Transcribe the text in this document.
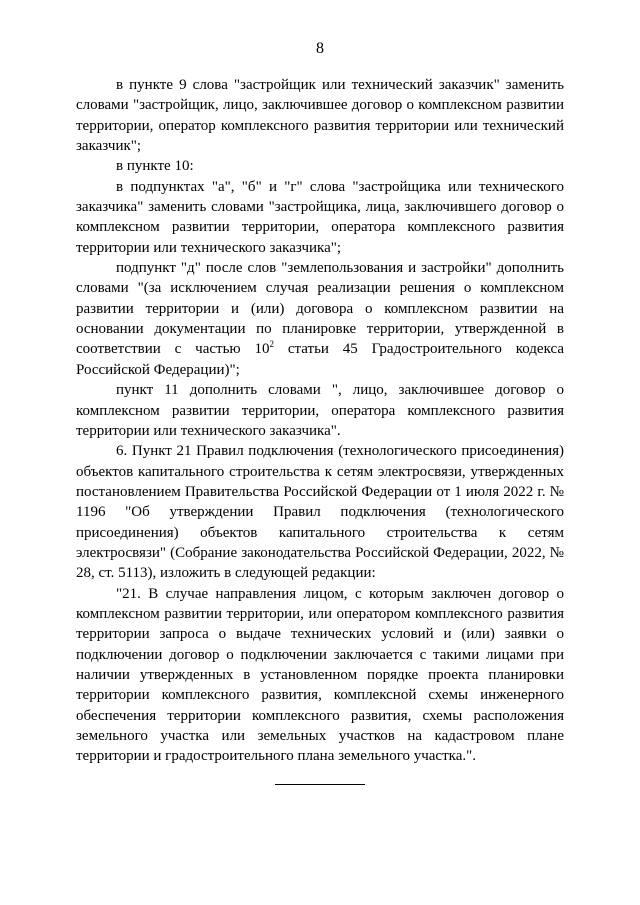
8

в пункте 9 слова "застройщик или технический заказчик" заменить словами "застройщик, лицо, заключившее договор о комплексном развитии территории, оператор комплексного развития территории или технический заказчик";

в пункте 10:

в подпунктах "а", "б" и "г" слова "застройщика или технического заказчика" заменить словами "застройщика, лица, заключившего договор о комплексном развитии территории, оператора комплексного развития территории или технического заказчика";

подпункт "д" после слов "землепользования и застройки" дополнить словами "(за исключением случая реализации решения о комплексном развитии территории и (или) договора о комплексном развитии на основании документации по планировке территории, утвержденной в соответствии с частью $10^2$ статьи 45 Градостроительного кодекса Российской Федерации)";

пункт 11 дополнить словами ", лицо, заключившее договор о комплексном развитии территории, оператора комплексного развития территории или технического заказчика".

6. Пункт 21 Правил подключения (технологического присоединения) объектов капитального строительства к сетям электросвязи, утвержденных постановлением Правительства Российской Федерации от 1 июля 2022 г. № 1196 "Об утверждении Правил подключения (технологического присоединения) объектов капитального строительства к сетям электросвязи" (Собрание законодательства Российской Федерации, 2022, № 28, ст. 5113), изложить в следующей редакции:

"21. В случае направления лицом, с которым заключен договор о комплексном развитии территории, или оператором комплексного развития территории запроса о выдаче технических условий и (или) заявки о подключении договор о подключении заключается с такими лицами при наличии утвержденных в установленном порядке проекта планировки территории комплексного развития, комплексной схемы инженерного обеспечения территории комплексного развития, схемы расположения земельного участка или земельных участков на кадастровом плане территории и градостроительного плана земельного участка.".
